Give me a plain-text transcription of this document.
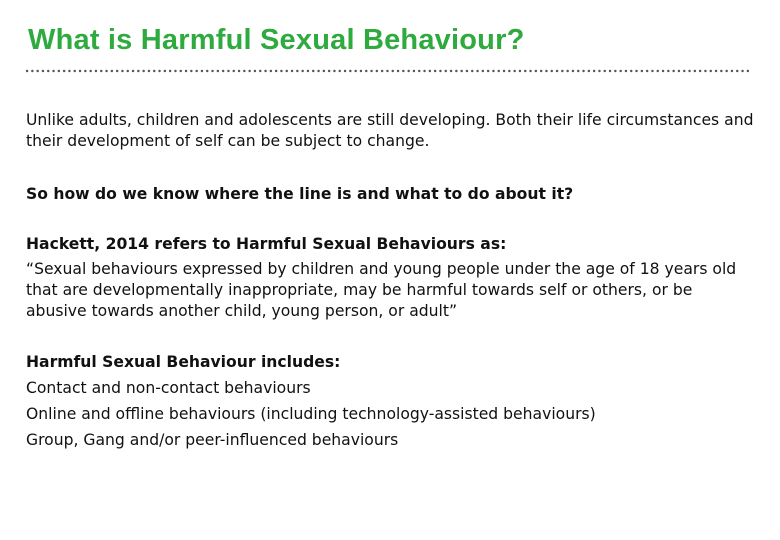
What is Harmful Sexual Behaviour?

Unlike adults, children and adolescents are still developing. Both their life circumstances and their development of self can be subject to change.

So how do we know where the line is and what to do about it?

Hackett, 2014 refers to Harmful Sexual Behaviours as:

“Sexual behaviours expressed by children and young people under the age of 18 years old that are developmentally inappropriate, may be harmful towards self or others, or be abusive towards another child, young person, or adult”

Harmful Sexual Behaviour includes:

Contact and non-contact behaviours

Online and offline behaviours (including technology-assisted behaviours)

Group, Gang and/or peer-influenced behaviours
